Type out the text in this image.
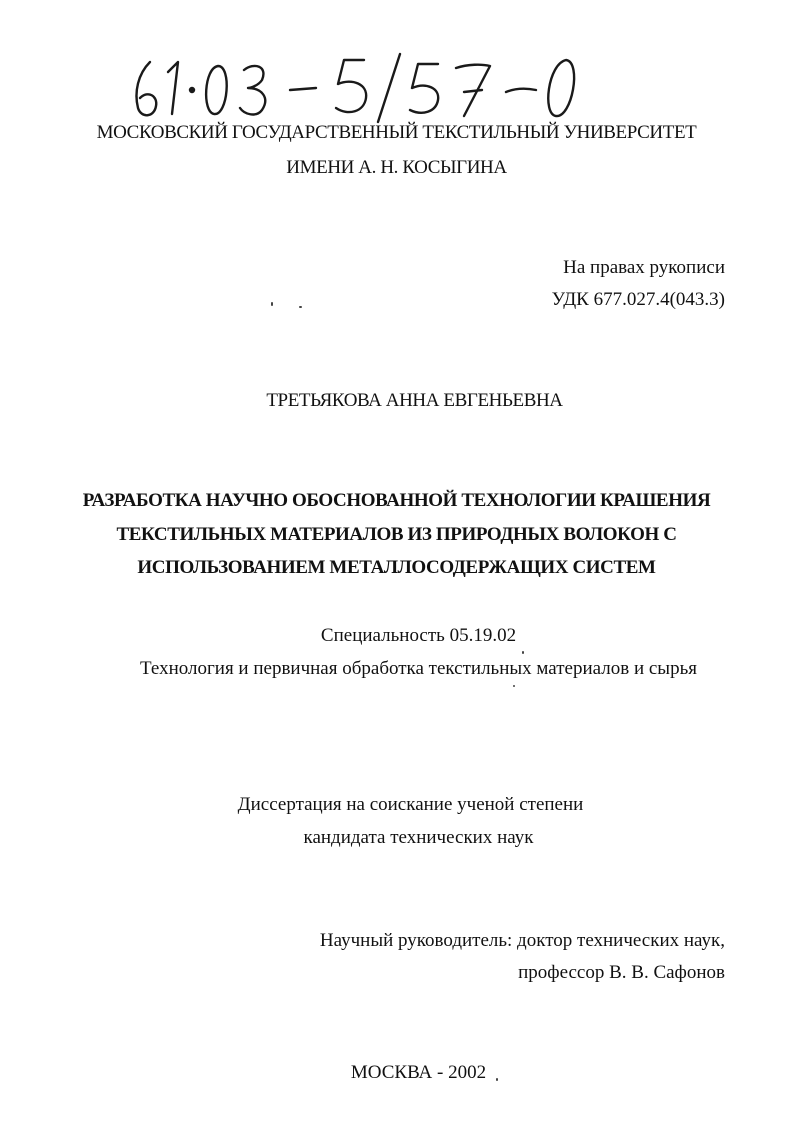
МОСКОВСКИЙ ГОСУДАРСТВЕННЫЙ ТЕКСТИЛЬНЫЙ УНИВЕРСИТЕТ
ИМЕНИ А. Н. КОСЫГИНА
На правах рукописи
УДК 677.027.4(043.3)
ТРЕТЬЯКОВА АННА ЕВГЕНЬЕВНА
РАЗРАБОТКА НАУЧНО ОБОСНОВАННОЙ ТЕХНОЛОГИИ КРАШЕНИЯ
ТЕКСТИЛЬНЫХ МАТЕРИАЛОВ ИЗ ПРИРОДНЫХ ВОЛОКОН С
ИСПОЛЬЗОВАНИЕМ МЕТАЛЛОСОДЕРЖАЩИХ СИСТЕМ
Специальность 05.19.02
Технология и первичная обработка текстильных материалов и сырья
Диссертация на соискание ученой степени
кандидата технических наук
Научный руководитель: доктор технических наук,
профессор В. В. Сафонов
МОСКВА - 2002
